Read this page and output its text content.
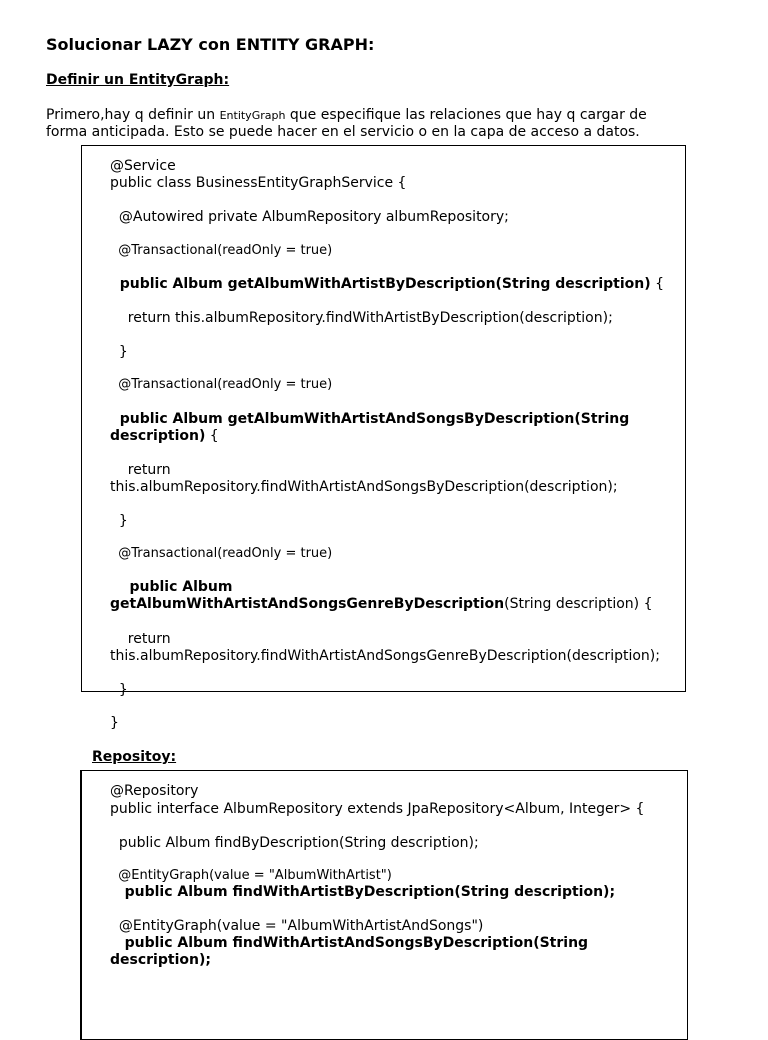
Solucionar LAZY con ENTITY GRAPH:
Definir un EntityGraph:
Primero,hay q definir un EntityGraph que especifique las relaciones que hay q cargar de
forma anticipada. Esto se puede hacer en el servicio o en la capa de acceso a datos.
@Service
public class BusinessEntityGraphService {
@Autowired private AlbumRepository albumRepository;
@Transactional(readOnly = true)
public Album getAlbumWithArtistByDescription(String description) {
return this.albumRepository.findWithArtistByDescription(description);
}
@Transactional(readOnly = true)
public Album getAlbumWithArtistAndSongsByDescription(String
description) {
return
this.albumRepository.findWithArtistAndSongsByDescription(description);
}
@Transactional(readOnly = true)
public Album
getAlbumWithArtistAndSongsGenreByDescription(String description) {
return
this.albumRepository.findWithArtistAndSongsGenreByDescription(description);
}
}
Repositoy:
@Repository
public interface AlbumRepository extends JpaRepository<Album, Integer> {
public Album findByDescription(String description);
@EntityGraph(value = "AlbumWithArtist")
public Album findWithArtistByDescription(String description);
@EntityGraph(value = "AlbumWithArtistAndSongs")
public Album findWithArtistAndSongsByDescription(String
description);
